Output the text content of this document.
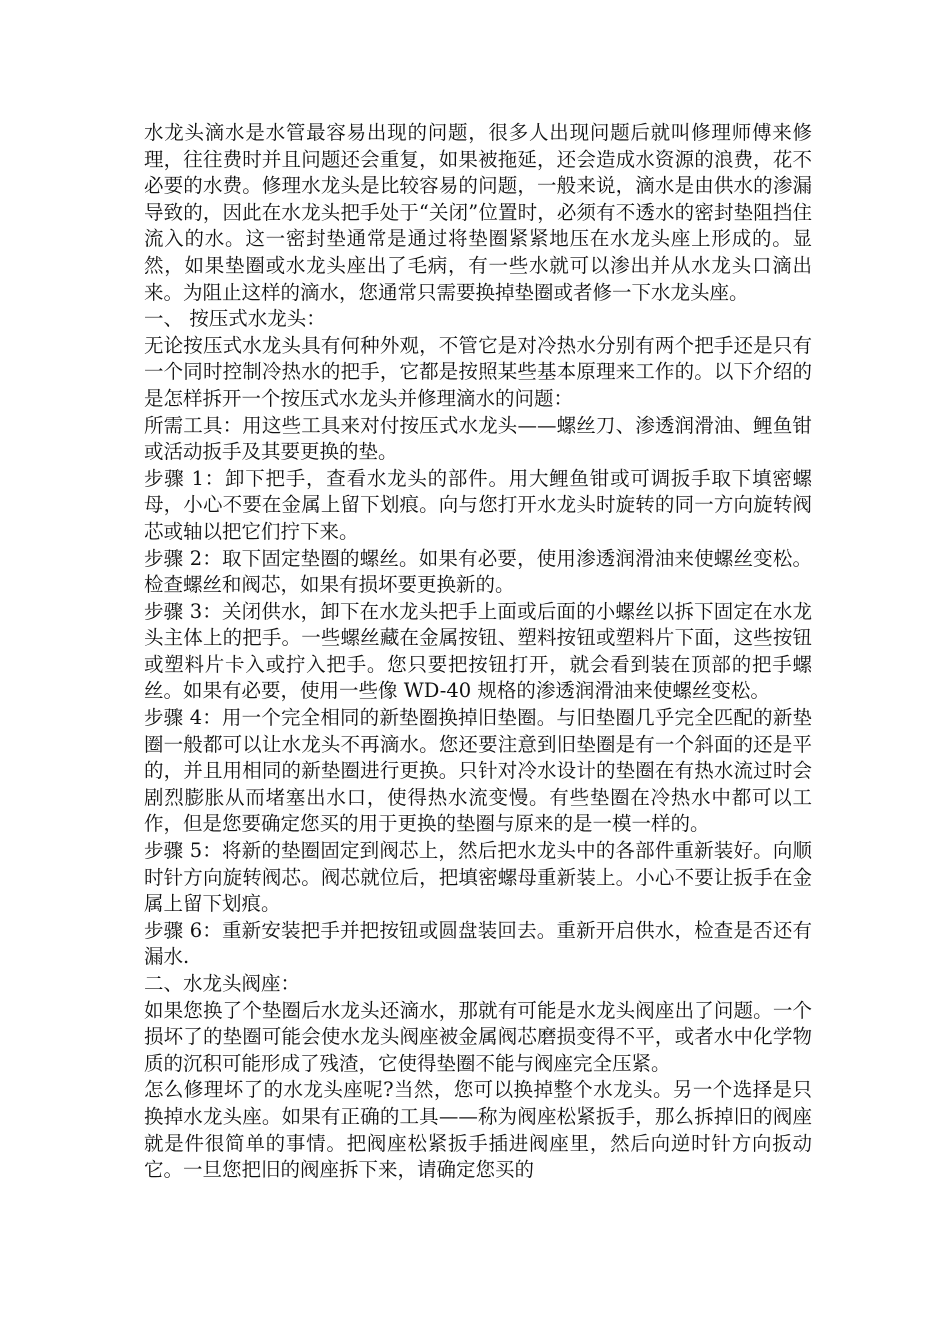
水龙头滴水是水管最容易出现的问题，很多人出现问题后就叫修理师傅来修理，往往费时并且问题还会重复，如果被拖延，还会造成水资源的浪费，花不必要的水费。修理水龙头是比较容易的问题，一般来说，滴水是由供水的渗漏导致的，因此在水龙头把手处于“关闭”位置时，必须有不透水的密封垫阻挡住流入的水。这一密封垫通常是通过将垫圈紧紧地压在水龙头座上形成的。显然，如果垫圈或水龙头座出了毛病，有一些水就可以渗出并从水龙头口滴出来。为阻止这样的滴水，您通常只需要换掉垫圈或者修一下水龙头座。

一、 按压式水龙头：

无论按压式水龙头具有何种外观，不管它是对冷热水分别有两个把手还是只有一个同时控制冷热水的把手，它都是按照某些基本原理来工作的。以下介绍的是怎样拆开一个按压式水龙头并修理滴水的问题：

所需工具：用这些工具来对付按压式水龙头——螺丝刀、渗透润滑油、鲤鱼钳或活动扳手及其要更换的垫。

步骤 1：卸下把手，查看水龙头的部件。用大鲤鱼钳或可调扳手取下填密螺母，小心不要在金属上留下划痕。向与您打开水龙头时旋转的同一方向旋转阀芯或轴以把它们拧下来。

步骤 2：取下固定垫圈的螺丝。如果有必要，使用渗透润滑油来使螺丝变松。检查螺丝和阀芯，如果有损坏要更换新的。

步骤 3：关闭供水，卸下在水龙头把手上面或后面的小螺丝以拆下固定在水龙头主体上的把手。一些螺丝藏在金属按钮、塑料按钮或塑料片下面，这些按钮或塑料片卡入或拧入把手。您只要把按钮打开，就会看到装在顶部的把手螺丝。如果有必要，使用一些像 WD-40 规格的渗透润滑油来使螺丝变松。

步骤 4：用一个完全相同的新垫圈换掉旧垫圈。与旧垫圈几乎完全匹配的新垫圈一般都可以让水龙头不再滴水。您还要注意到旧垫圈是有一个斜面的还是平的，并且用相同的新垫圈进行更换。只针对冷水设计的垫圈在有热水流过时会剧烈膨胀从而堵塞出水口，使得热水流变慢。有些垫圈在冷热水中都可以工作，但是您要确定您买的用于更换的垫圈与原来的是一模一样的。

步骤 5：将新的垫圈固定到阀芯上，然后把水龙头中的各部件重新装好。向顺时针方向旋转阀芯。阀芯就位后，把填密螺母重新装上。小心不要让扳手在金属上留下划痕。

步骤 6：重新安装把手并把按钮或圆盘装回去。重新开启供水，检查是否还有漏水.

二、水龙头阀座：

如果您换了个垫圈后水龙头还滴水，那就有可能是水龙头阀座出了问题。一个损坏了的垫圈可能会使水龙头阀座被金属阀芯磨损变得不平，或者水中化学物质的沉积可能形成了残渣，它使得垫圈不能与阀座完全压紧。

怎么修理坏了的水龙头座呢?当然，您可以换掉整个水龙头。另一个选择是只换掉水龙头座。如果有正确的工具——称为阀座松紧扳手，那么拆掉旧的阀座就是件很简单的事情。把阀座松紧扳手插进阀座里，然后向逆时针方向扳动它。一旦您把旧的阀座拆下来，请确定您买的
